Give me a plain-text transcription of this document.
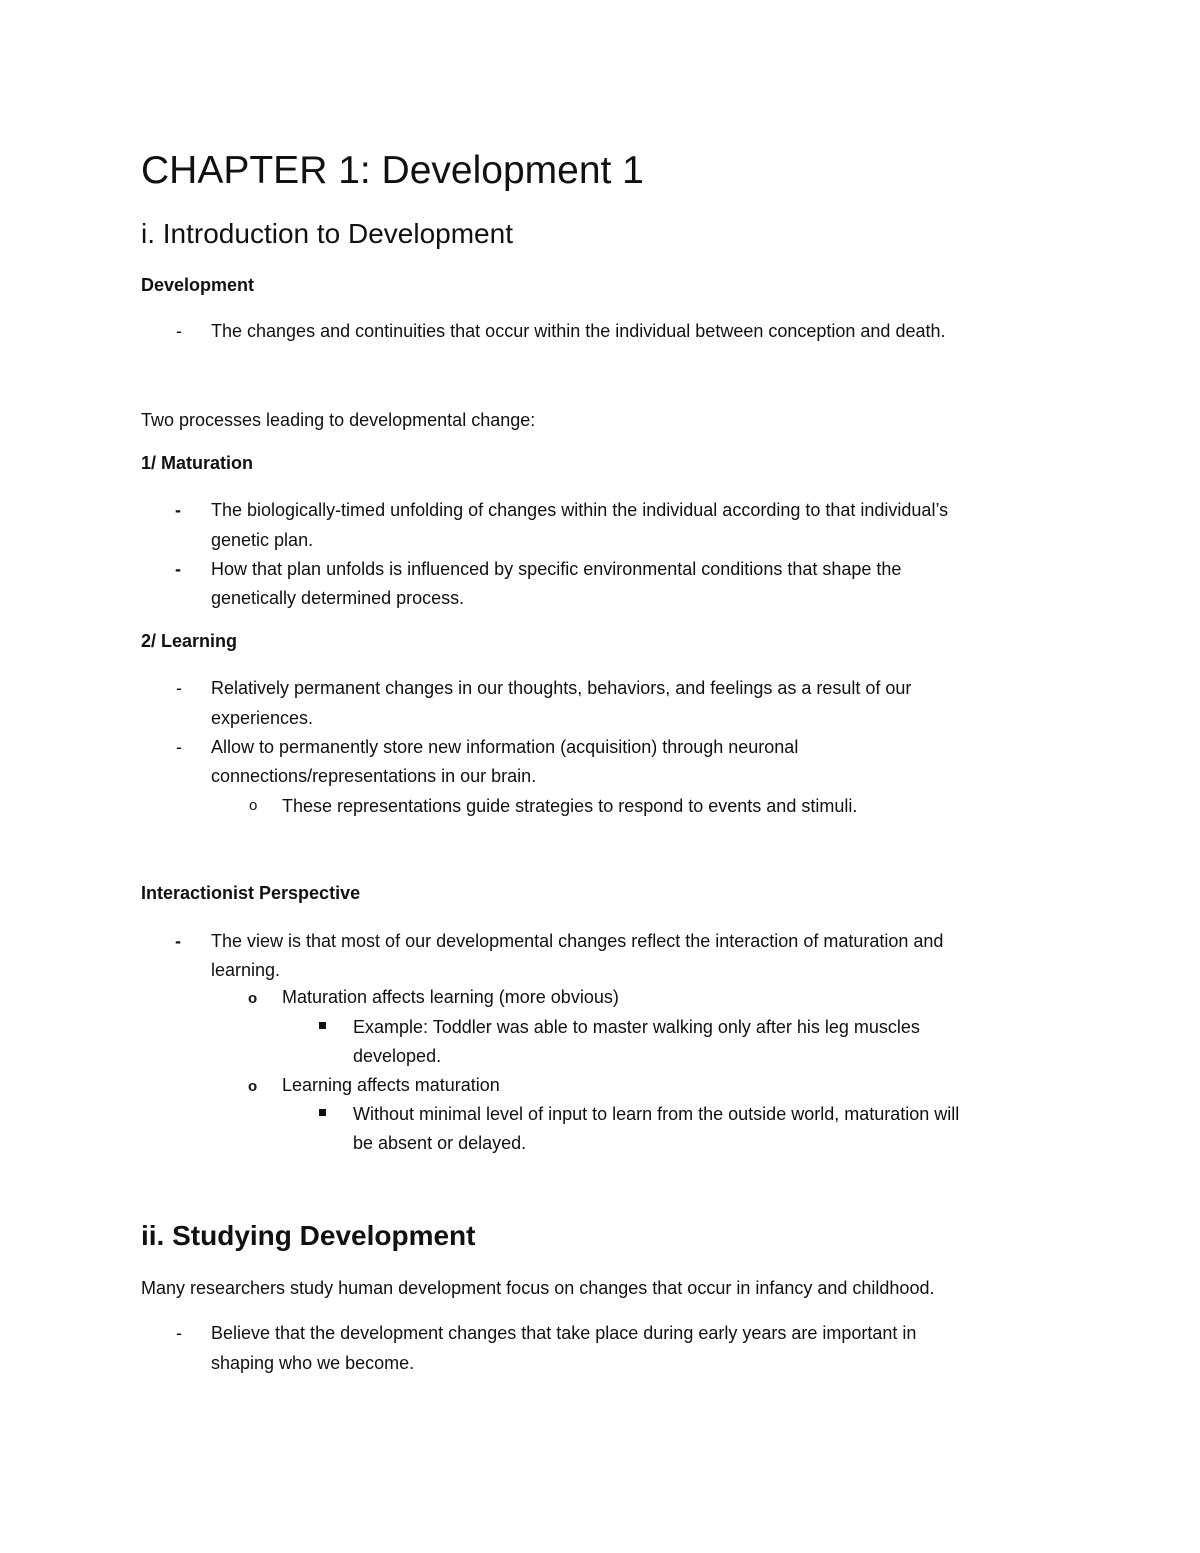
CHAPTER 1: Development 1
i. Introduction to Development
Development
- The changes and continuities that occur within the individual between conception and death.
Two processes leading to developmental change:
1/ Maturation
- The biologically-timed unfolding of changes within the individual according to that individual’s
genetic plan.
- How that plan unfolds is influenced by specific environmental conditions that shape the
genetically determined process.
2/ Learning
- Relatively permanent changes in our thoughts, behaviors, and feelings as a result of our
experiences.
- Allow to permanently store new information (acquisition) through neuronal
connections/representations in our brain.
o These representations guide strategies to respond to events and stimuli.
Interactionist Perspective
- The view is that most of our developmental changes reflect the interaction of maturation and
learning.
o Maturation affects learning (more obvious)
Example: Toddler was able to master walking only after his leg muscles
developed.
o Learning affects maturation
Without minimal level of input to learn from the outside world, maturation will
be absent or delayed.
ii. Studying Development
Many researchers study human development focus on changes that occur in infancy and childhood.
- Believe that the development changes that take place during early years are important in
shaping who we become.
